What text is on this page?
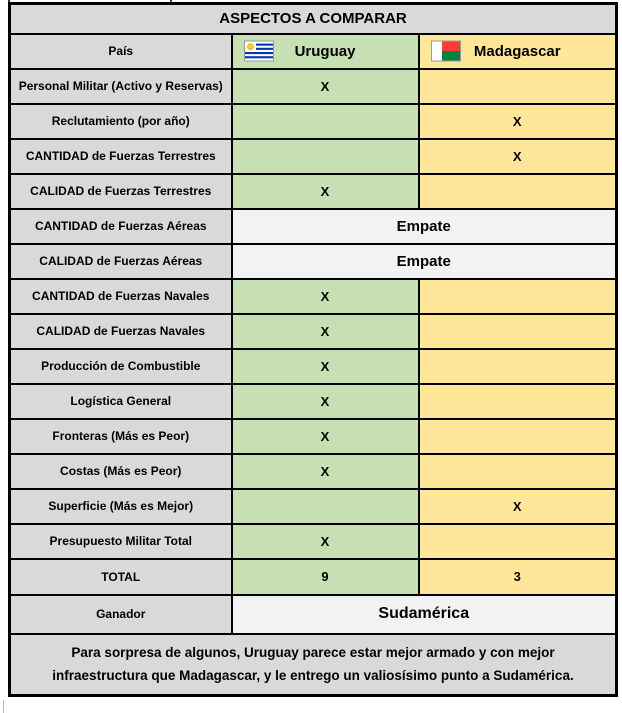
ASPECTOS A COMPARAR		
País	Uruguay	Madagascar
Personal Militar (Activo y Reservas)	X	
Reclutamiento (por año)		X
CANTIDAD de Fuerzas Terrestres		X
CALIDAD de Fuerzas Terrestres	X	
CANTIDAD de Fuerzas Aéreas	Empate	
CALIDAD de Fuerzas Aéreas	Empate	
CANTIDAD de Fuerzas Navales	X	
CALIDAD de Fuerzas Navales	X	
Producción de Combustible	X	
Logística General	X	
Fronteras (Más es Peor)	X	
Costas (Más es Peor)	X	
Superficie (Más es Mejor)		X
Presupuesto Militar Total	X	
TOTAL	9	3
Ganador	Sudamérica	

Para sorpresa de algunos, Uruguay parece estar mejor armado y con mejor
infraestructura que Madagascar, y le entrego un valiosísimo punto a Sudamérica.		
